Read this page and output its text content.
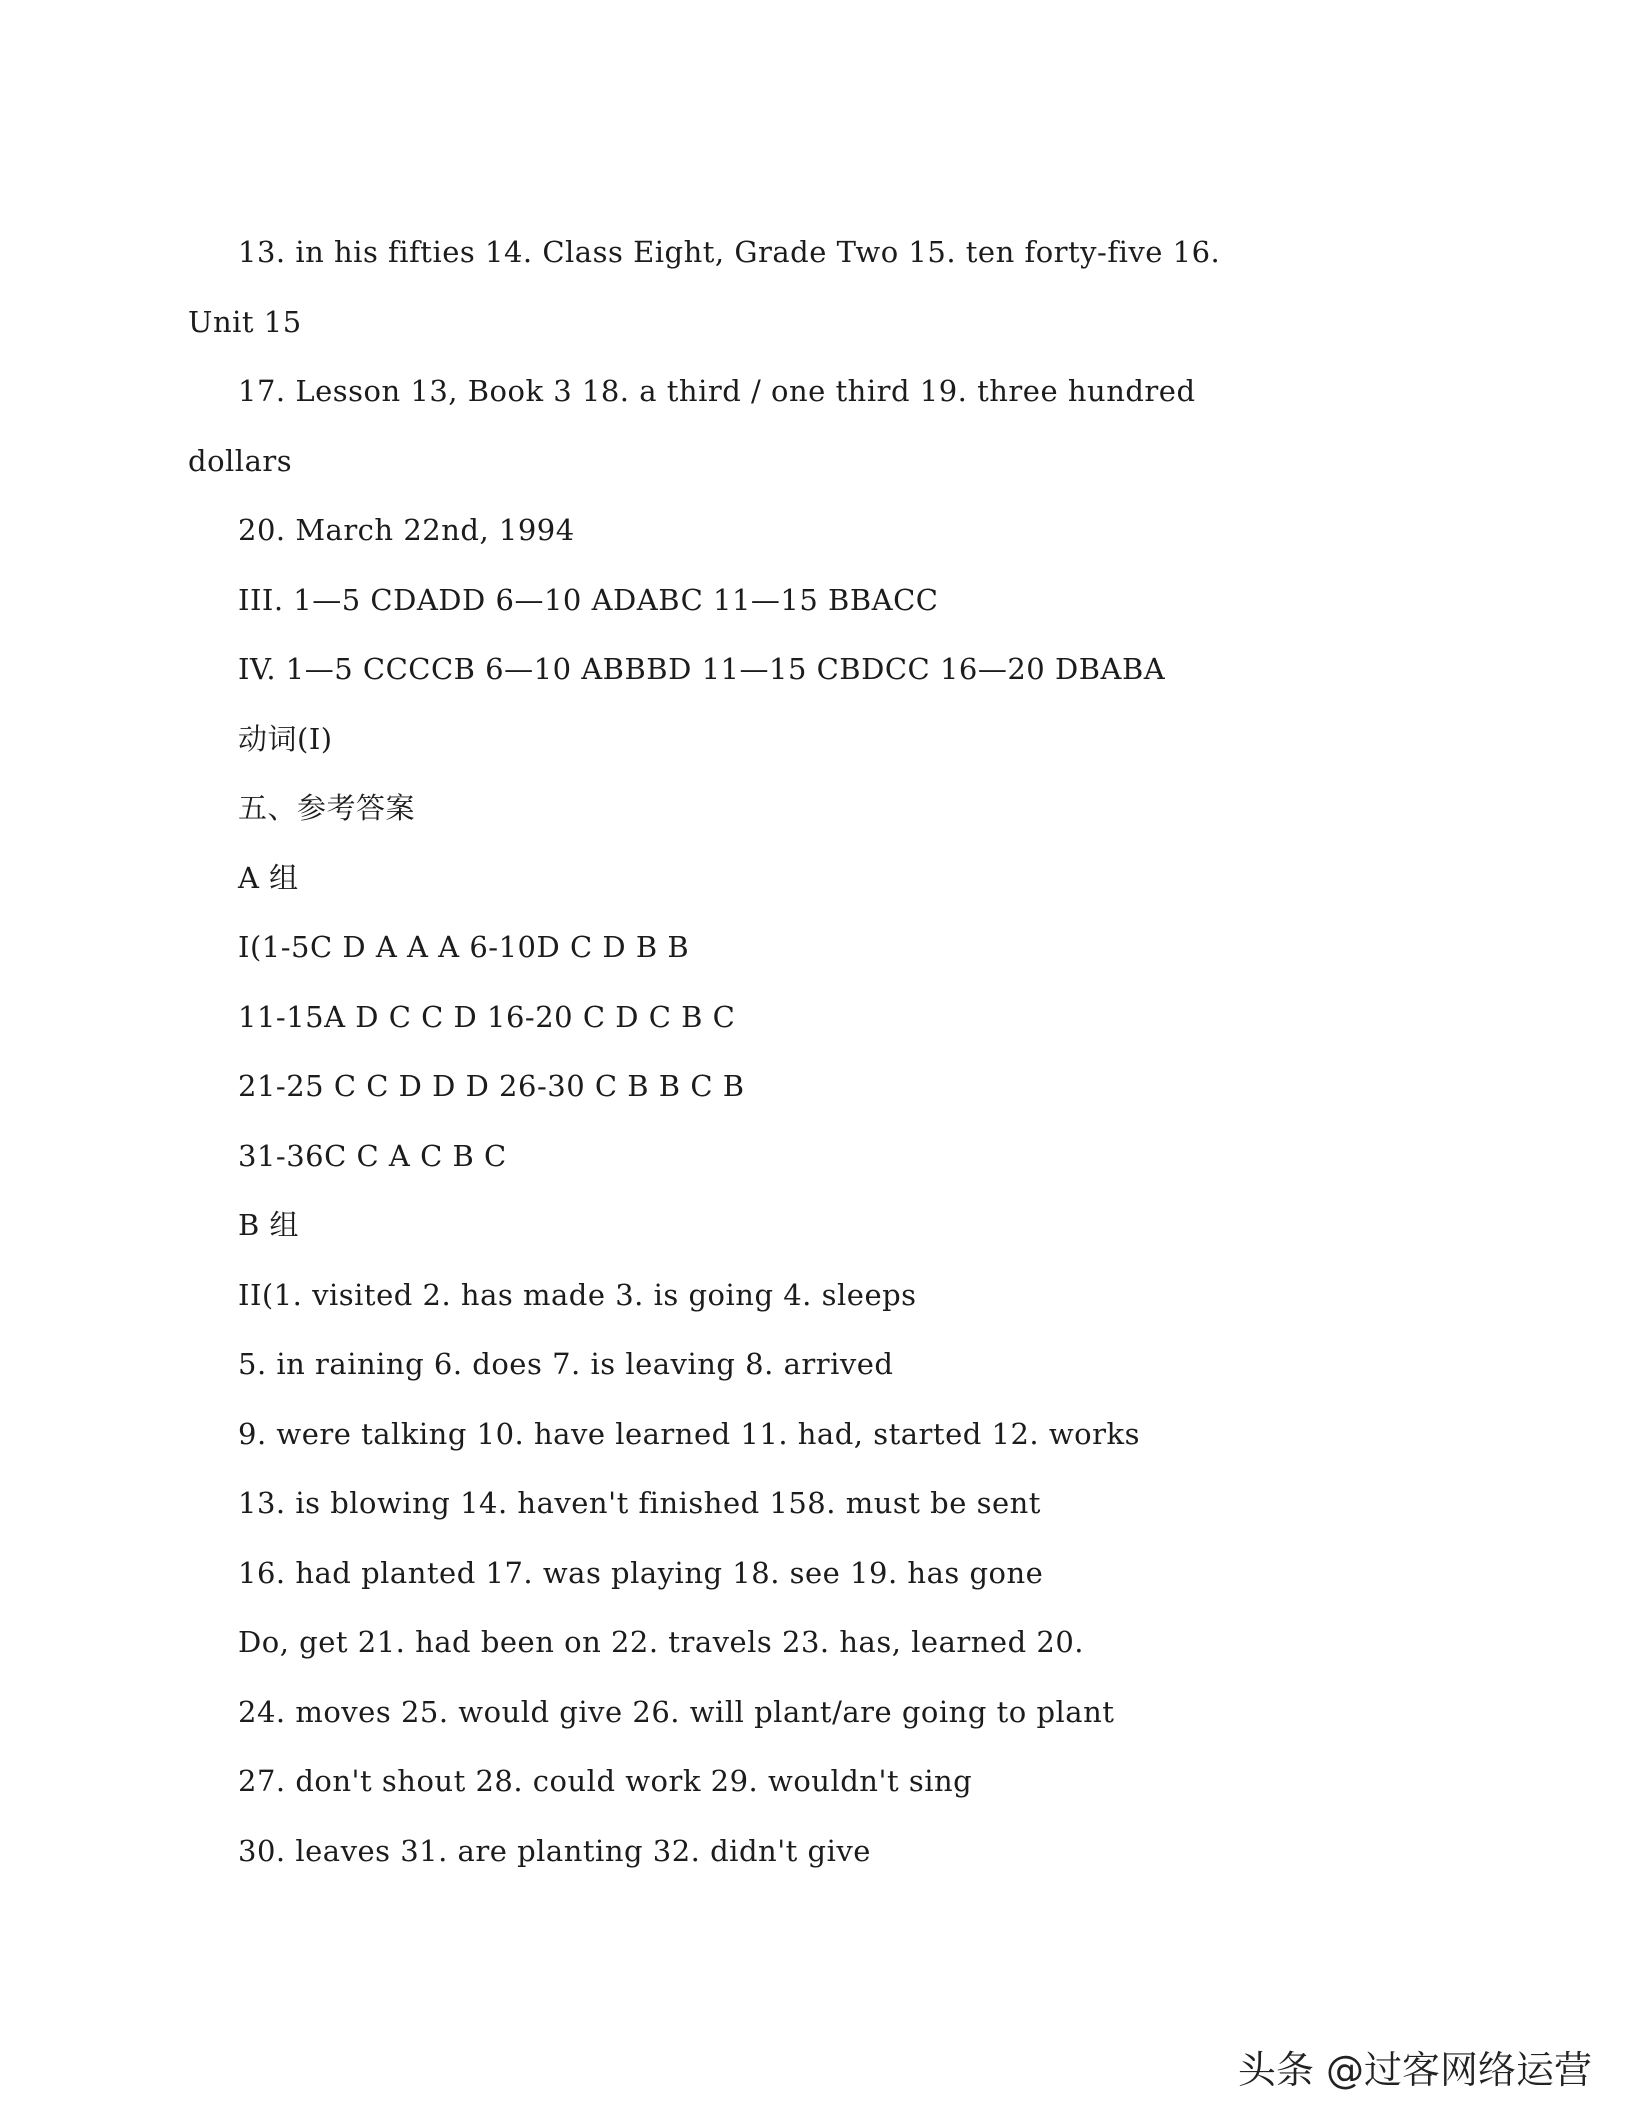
13. in his fifties 14. Class Eight, Grade Two 15. ten forty-five 16.
Unit 15
17. Lesson 13, Book 3 18. a third / one third 19. three hundred
dollars
20. March 22nd, 1994
III. 1—5 CDADD 6—10 ADABC 11—15 BBACC
IV. 1—5 CCCCB 6—10 ABBBD 11—15 CBDCC 16—20 DBABA
动词(I)
五、参考答案
A 组
I(1-5C D A A A 6-10D C D B B
11-15A D C C D 16-20 C D C B C
21-25 C C D D D 26-30 C B B C B
31-36C C A C B C
B 组
II(1. visited 2. has made 3. is going 4. sleeps
5. in raining 6. does 7. is leaving 8. arrived
9. were talking 10. have learned 11. had, started 12. works
13. is blowing 14. haven't finished 158. must be sent
16. had planted 17. was playing 18. see 19. has gone
Do, get 21. had been on 22. travels 23. has, learned 20.
24. moves 25. would give 26. will plant/are going to plant
27. don't shout 28. could work 29. wouldn't sing
30. leaves 31. are planting 32. didn't give
头条 @过客网络运营
